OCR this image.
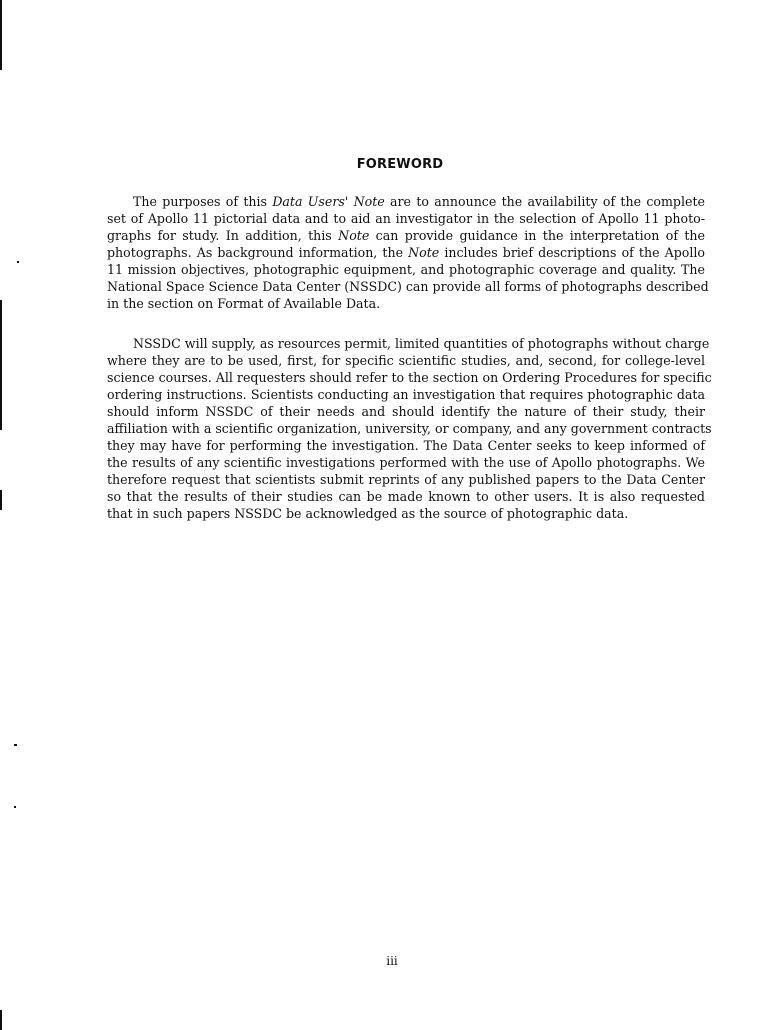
FOREWORD
The purposes of this Data Users' Note are to announce the availability of the complete
set of Apollo 11 pictorial data and to aid an investigator in the selection of Apollo 11 photo-
graphs for study. In addition, this Note can provide guidance in the interpretation of the
photographs. As background information, the Note includes brief descriptions of the Apollo
11 mission objectives, photographic equipment, and photographic coverage and quality. The
National Space Science Data Center (NSSDC) can provide all forms of photographs described
in the section on Format of Available Data.
NSSDC will supply, as resources permit, limited quantities of photographs without charge
where they are to be used, first, for specific scientific studies, and, second, for college-level
science courses. All requesters should refer to the section on Ordering Procedures for specific
ordering instructions. Scientists conducting an investigation that requires photographic data
should inform NSSDC of their needs and should identify the nature of their study, their
affiliation with a scientific organization, university, or company, and any government contracts
they may have for performing the investigation. The Data Center seeks to keep informed of
the results of any scientific investigations performed with the use of Apollo photographs. We
therefore request that scientists submit reprints of any published papers to the Data Center
so that the results of their studies can be made known to other users. It is also requested
that in such papers NSSDC be acknowledged as the source of photographic data.
iii
